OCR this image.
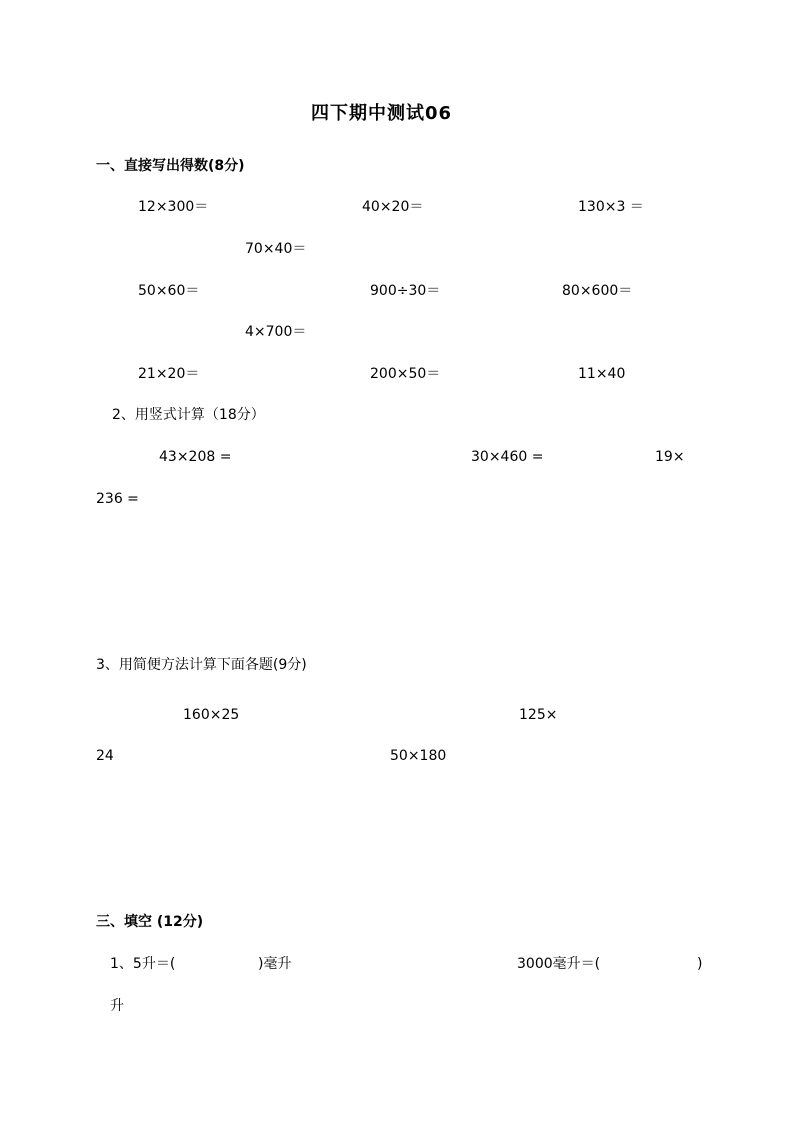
四下期中测试06
一、直接写出得数(8分)
12×300＝	40×20＝	130×3 ＝
70×40＝
50×60＝	900÷30＝	80×600＝
4×700＝
21×20＝	200×50＝	11×40
2、用竖式计算（18分）
43×208 =	30×460 =	19×
236 =
3、用简便方法计算下面各题(9分)
160×25	125×
24	50×180
三、填空 (12分)
1、5升＝(	)毫升	3000毫升＝(	)
升
